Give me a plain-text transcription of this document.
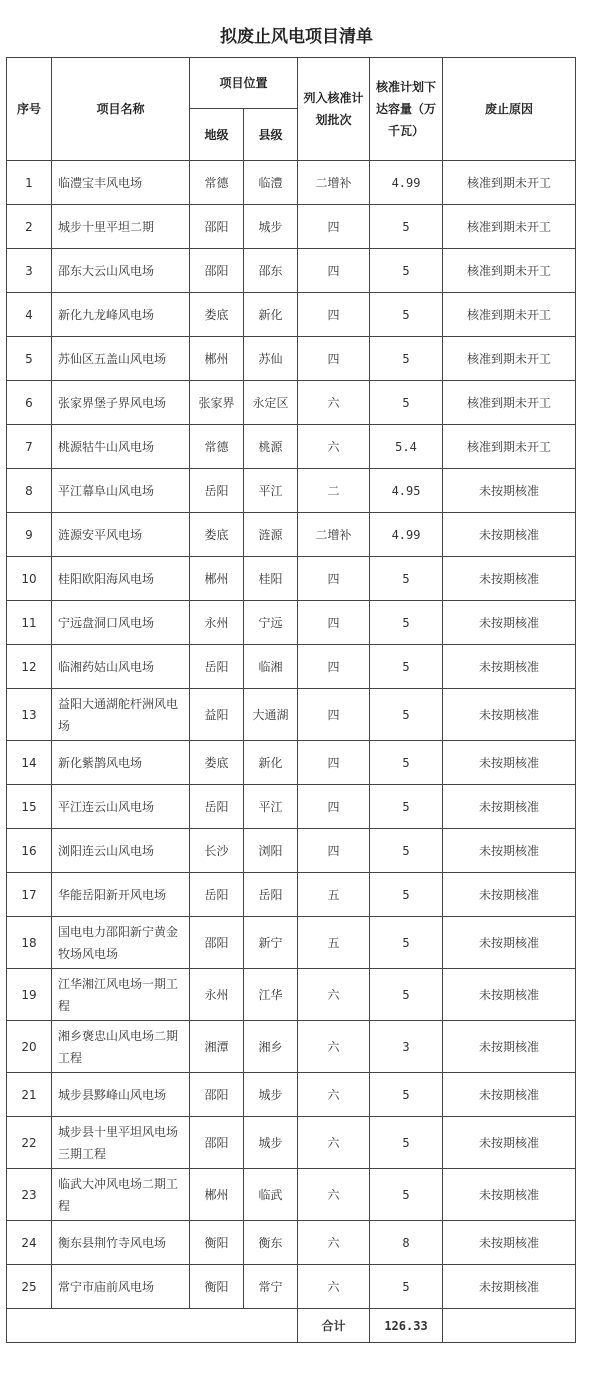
拟废止风电项目清单
序号	项目名称	项目位置		列入核准计划批次	核准计划下达容量（万千瓦）	废止原因
		地级	县级			
1	临澧宝丰风电场	常德	临澧	二增补	4.99	核准到期未开工
2	城步十里平坦二期	邵阳	城步	四	5	核准到期未开工
3	邵东大云山风电场	邵阳	邵东	四	5	核准到期未开工
4	新化九龙峰风电场	娄底	新化	四	5	核准到期未开工
5	苏仙区五盖山风电场	郴州	苏仙	四	5	核准到期未开工
6	张家界堡子界风电场	张家界	永定区	六	5	核准到期未开工
7	桃源牯牛山风电场	常德	桃源	六	5.4	核准到期未开工
8	平江幕阜山风电场	岳阳	平江	二	4.95	未按期核准
9	涟源安平风电场	娄底	涟源	二增补	4.99	未按期核准
10	桂阳欧阳海风电场	郴州	桂阳	四	5	未按期核准
11	宁远盘洞口风电场	永州	宁远	四	5	未按期核准
12	临湘药姑山风电场	岳阳	临湘	四	5	未按期核准
13	益阳大通湖舵杆洲风电场	益阳	大通湖	四	5	未按期核准
14	新化紫鹊风电场	娄底	新化	四	5	未按期核准
15	平江连云山风电场	岳阳	平江	四	5	未按期核准
16	浏阳连云山风电场	长沙	浏阳	四	5	未按期核准
17	华能岳阳新开风电场	岳阳	岳阳	五	5	未按期核准
18	国电电力邵阳新宁黄金牧场风电场	邵阳	新宁	五	5	未按期核准
19	江华湘江风电场一期工程	永州	江华	六	5	未按期核准
20	湘乡褒忠山风电场二期工程	湘潭	湘乡	六	3	未按期核准
21	城步县黟峰山风电场	邵阳	城步	六	5	未按期核准
22	城步县十里平坦风电场三期工程	邵阳	城步	六	5	未按期核准
23	临武大冲风电场二期工程	郴州	临武	六	5	未按期核准
24	衡东县荆竹寺风电场	衡阳	衡东	六	8	未按期核准
25	常宁市庙前风电场	衡阳	常宁	六	5	未按期核准
				合计	126.33	
